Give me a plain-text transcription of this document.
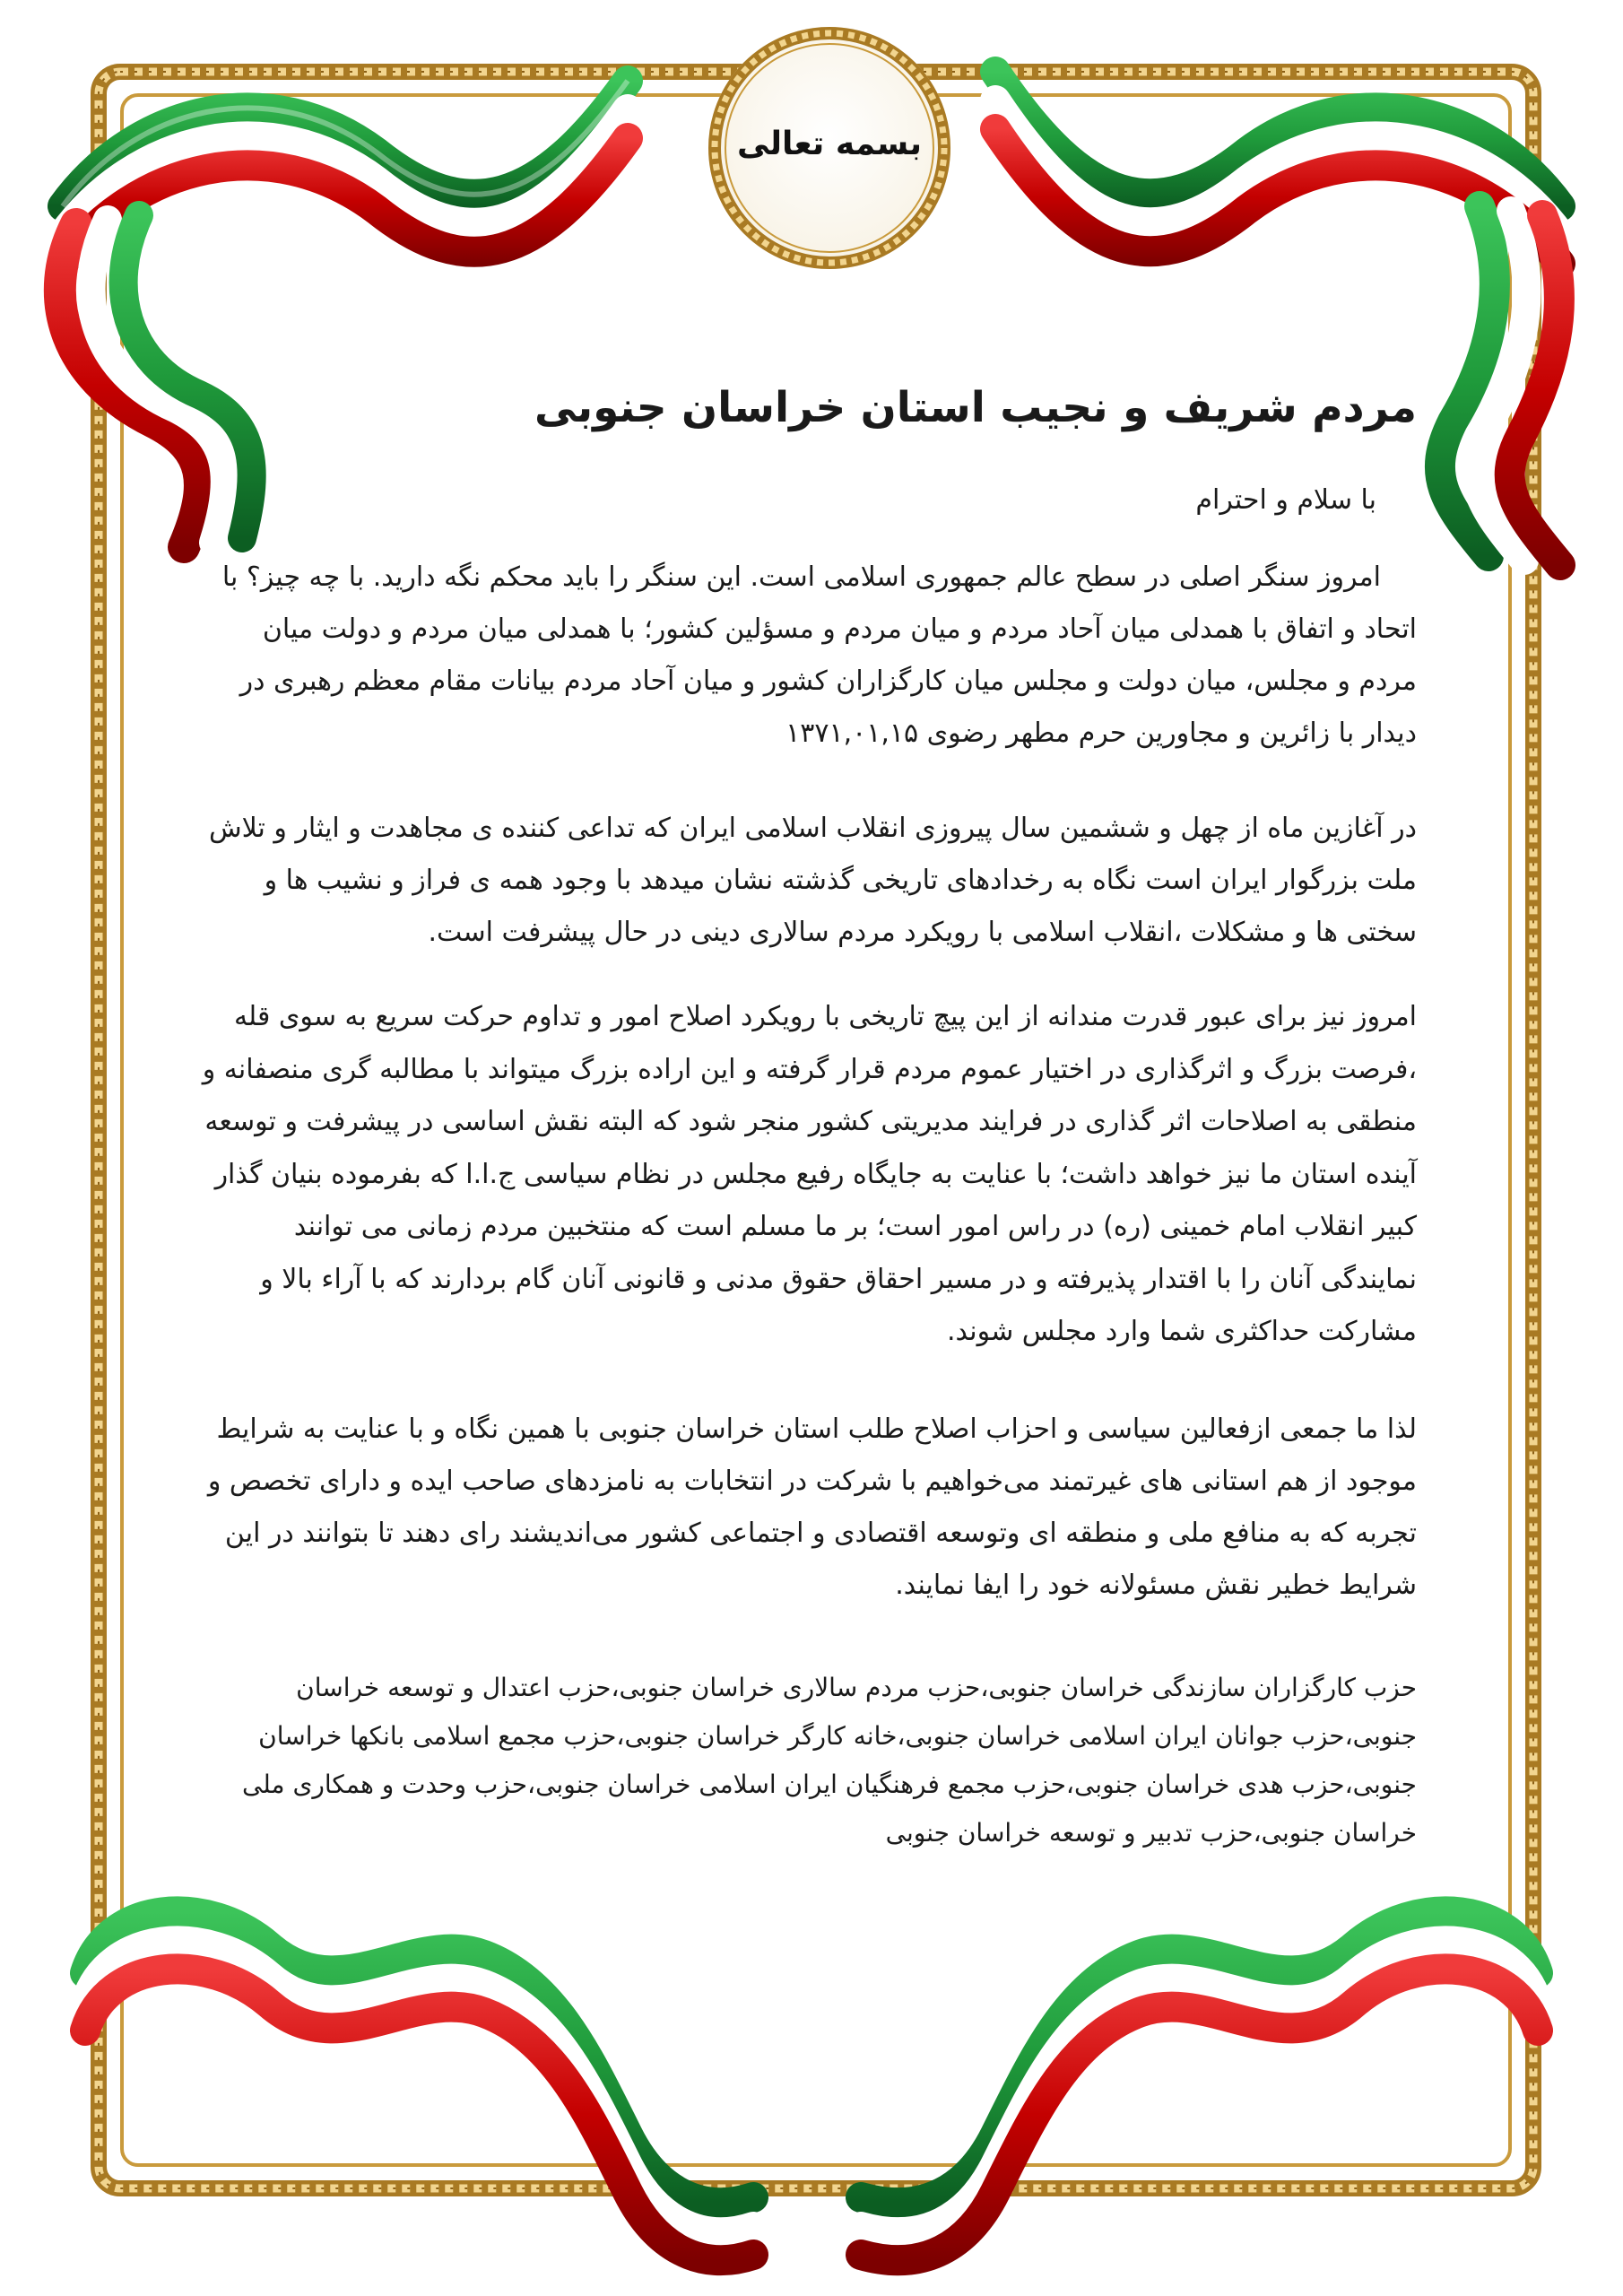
بسمه تعالی
مردم شریف و نجیب استان خراسان جنوبی

با سلام و احترام

امروز سنگر اصلی در سطح عالم جمهوری اسلامی است. این سنگر را باید محکم نگه دارید. با چه چیز؟ با اتحاد و اتفاق با همدلی میان آحاد مردم و میان مردم و مسؤلین کشور؛ با همدلی میان مردم و دولت میان مردم و مجلس، میان دولت و مجلس میان کارگزاران کشور و میان آحاد مردم بیانات مقام معظم رهبری در دیدار با زائرین و مجاورین حرم مطهر رضوی ۱۳۷۱,۰۱,۱۵

در آغازین ماه از چهل و ششمین سال پیروزی انقلاب اسلامی ایران که تداعی کننده ی مجاهدت و ایثار و تلاش ملت بزرگوار ایران است نگاه به رخدادهای تاریخی گذشته نشان میدهد با وجود همه ی فراز و نشیب ها و سختی ها و مشکلات ،انقلاب اسلامی با رویکرد مردم سالاری دینی در حال پیشرفت است.

امروز نیز برای عبور قدرت مندانه از این پیچ تاریخی با رویکرد اصلاح امور و تداوم حرکت سریع به سوی قله ،فرصت بزرگ و اثرگذاری در اختیار عموم مردم قرار گرفته و این اراده بزرگ میتواند با مطالبه گری منصفانه و منطقی به اصلاحات اثر گذاری در فرایند مدیریتی کشور منجر شود که البته نقش اساسی در پیشرفت و توسعه آینده استان ما نیز خواهد داشت؛ با عنایت به جایگاه رفیع مجلس در نظام سیاسی ج.ا.ا که بفرموده بنیان گذار کبیر انقلاب امام خمینی (ره) در راس امور است؛ بر ما مسلم است که منتخبین مردم زمانی می توانند نمایندگی آنان را با اقتدار پذیرفته و در مسیر احقاق حقوق مدنی و قانونی آنان گام بردارند که با آراء بالا و مشارکت حداکثری شما وارد مجلس شوند.

لذا ما جمعی ازفعالین سیاسی و احزاب اصلاح طلب استان خراسان جنوبی با همین نگاه و با عنایت به شرایط موجود از هم استانی های غیرتمند می‌خواهیم با شرکت در انتخابات به نامزدهای صاحب ایده و دارای تخصص و تجربه که به منافع ملی و منطقه ای وتوسعه اقتصادی و اجتماعی کشور می‌اندیشند رای دهند تا بتوانند در این شرایط خطیر نقش مسئولانه خود را ایفا نمایند.

حزب کارگزاران سازندگی خراسان جنوبی،حزب مردم سالاری خراسان جنوبی،حزب اعتدال و توسعه خراسان جنوبی،حزب جوانان ایران اسلامی خراسان جنوبی،خانه کارگر خراسان جنوبی،حزب مجمع اسلامی بانکها خراسان جنوبی،حزب هدی خراسان جنوبی،حزب مجمع فرهنگیان ایران اسلامی خراسان جنوبی،حزب وحدت و همکاری ملی خراسان جنوبی،حزب تدبیر و توسعه خراسان جنوبی
